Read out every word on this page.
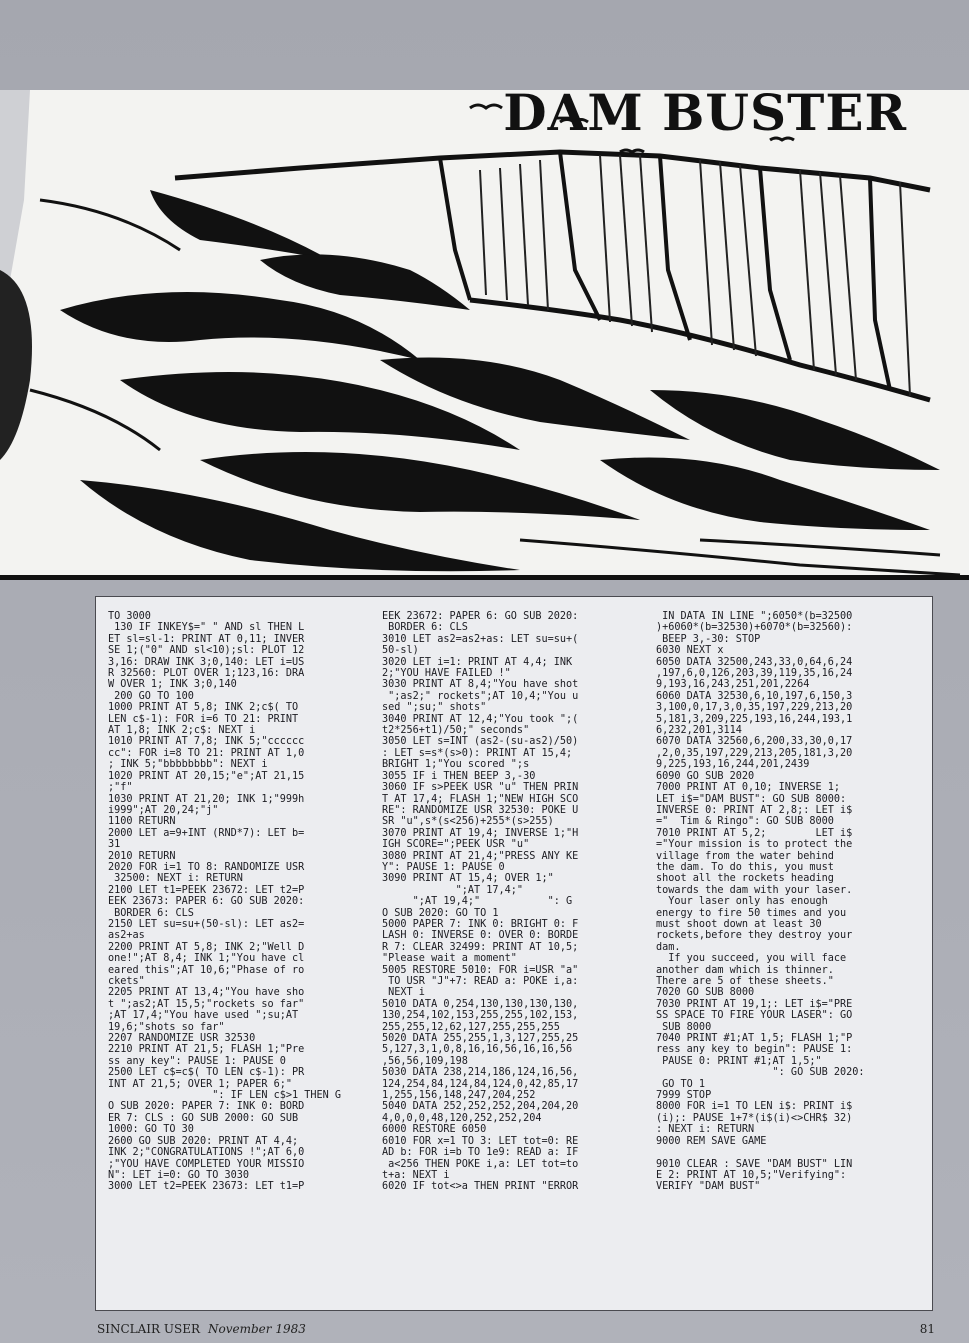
DAM BUSTER
TO 3000
130 IF INKEY$=" " AND sl THEN L
ET sl=sl-1: PRINT AT 0,11; INVER
SE 1;("0" AND sl<10);sl: PLOT 12
3,16: DRAW INK 3;0,140: LET i=US
R 32560: PLOT OVER 1;123,16: DRA
W OVER 1; INK 3;0,140
200 GO TO 100
1000 PRINT AT 5,8; INK 2;c$( TO
LEN c$-1): FOR i=6 TO 21: PRINT
AT 1,8; INK 2;c$: NEXT i
1010 PRINT AT 7,8; INK 5;"cccccc
cc": FOR i=8 TO 21: PRINT AT 1,0
; INK 5;"bbbbbbbb": NEXT i
1020 PRINT AT 20,15;"e";AT 21,15
;"f"
1030 PRINT AT 21,20; INK 1;"999h
i999";AT 20,24;"j"
1100 RETURN
2000 LET a=9+INT (RND*7): LET b=
31
2010 RETURN
2020 FOR i=1 TO 8: RANDOMIZE USR
32500: NEXT i: RETURN
2100 LET t1=PEEK 23672: LET t2=P
EEK 23673: PAPER 6: GO SUB 2020:
BORDER 6: CLS
2150 LET su=su+(50-sl): LET as2=
as2+as
2200 PRINT AT 5,8; INK 2;"Well D
one!";AT 8,4; INK 1;"You have cl
eared this";AT 10,6;"Phase of ro
ckets"
2205 PRINT AT 13,4;"You have sho
t ";as2;AT 15,5;"rockets so far"
;AT 17,4;"You have used ";su;AT
19,6;"shots so far"
2207 RANDOMIZE USR 32530
2210 PRINT AT 21,5; FLASH 1;"Pre
ss any key": PAUSE 1: PAUSE 0
2500 LET c$=c$( TO LEN c$-1): PR
INT AT 21,5; OVER 1; PAPER 6;"
": IF LEN c$>1 THEN G
O SUB 2020: PAPER 7: INK 0: BORD
ER 7: CLS : GO SUB 2000: GO SUB
1000: GO TO 30
2600 GO SUB 2020: PRINT AT 4,4;
INK 2;"CONGRATULATIONS !";AT 6,0
;"YOU HAVE COMPLETED YOUR MISSIO
N": LET i=0: GO TO 3030
3000 LET t2=PEEK 23673: LET t1=P
EEK 23672: PAPER 6: GO SUB 2020:
BORDER 6: CLS
3010 LET as2=as2+as: LET su=su+(
50-sl)
3020 LET i=1: PRINT AT 4,4; INK
2;"YOU HAVE FAILED !"
3030 PRINT AT 8,4;"You have shot
";as2;" rockets";AT 10,4;"You u
sed ";su;" shots"
3040 PRINT AT 12,4;"You took ";(
t2*256+t1)/50;" seconds"
3050 LET s=INT (as2-(su-as2)/50)
: LET s=s*(s>0): PRINT AT 15,4;
BRIGHT 1;"You scored ";s
3055 IF i THEN BEEP 3,-30
3060 IF s>PEEK USR "u" THEN PRIN
T AT 17,4; FLASH 1;"NEW HIGH SCO
RE": RANDOMIZE USR 32530: POKE U
SR "u",s*(s<256)+255*(s>255)
3070 PRINT AT 19,4; INVERSE 1;"H
IGH SCORE=";PEEK USR "u"
3080 PRINT AT 21,4;"PRESS ANY KE
Y": PAUSE 1: PAUSE 0
3090 PRINT AT 15,4; OVER 1;"
";AT 17,4;"
";AT 19,4;"           ": G
O SUB 2020: GO TO 1
5000 PAPER 7: INK 0: BRIGHT 0: F
LASH 0: INVERSE 0: OVER 0: BORDE
R 7: CLEAR 32499: PRINT AT 10,5;
"Please wait a moment"
5005 RESTORE 5010: FOR i=USR "a"
TO USR "J"+7: READ a: POKE i,a:
NEXT i
5010 DATA 0,254,130,130,130,130,
130,254,102,153,255,255,102,153,
255,255,12,62,127,255,255,255
5020 DATA 255,255,1,3,127,255,25
5,127,3,1,0,8,16,16,56,16,16,56
,56,56,109,198
5030 DATA 238,214,186,124,16,56,
124,254,84,124,84,124,0,42,85,17
1,255,156,148,247,204,252
5040 DATA 252,252,252,204,204,20
4,0,0,0,48,120,252,252,204
6000 RESTORE 6050
6010 FOR x=1 TO 3: LET tot=0: RE
AD b: FOR i=b TO 1e9: READ a: IF
a<256 THEN POKE i,a: LET tot=to
t+a: NEXT i
6020 IF tot<>a THEN PRINT "ERROR
IN DATA IN LINE ";6050*(b=32500
)+6060*(b=32530)+6070*(b=32560):
BEEP 3,-30: STOP
6030 NEXT x
6050 DATA 32500,243,33,0,64,6,24
,197,6,0,126,203,39,119,35,16,24
9,193,16,243,251,201,2264
6060 DATA 32530,6,10,197,6,150,3
3,100,0,17,3,0,35,197,229,213,20
5,181,3,209,225,193,16,244,193,1
6,232,201,3114
6070 DATA 32560,6,200,33,30,0,17
,2,0,35,197,229,213,205,181,3,20
9,225,193,16,244,201,2439
6090 GO SUB 2020
7000 PRINT AT 0,10; INVERSE 1;
LET i$="DAM BUST": GO SUB 8000:
INVERSE 0: PRINT AT 2,8;: LET i$
="  Tim & Ringo": GO SUB 8000
7010 PRINT AT 5,2;        LET i$
="Your mission is to protect the
village from the water behind
the dam. To do this, you must
shoot all the rockets heading
towards the dam with your laser.
Your laser only has enough
energy to fire 50 times and you
must shoot down at least 30
rockets,before they destroy your
dam.
If you succeed, you will face
another dam which is thinner.
There are 5 of these sheets."
7020 GO SUB 8000
7030 PRINT AT 19,1;: LET i$="PRE
SS SPACE TO FIRE YOUR LASER": GO
SUB 8000
7040 PRINT #1;AT 1,5; FLASH 1;"P
ress any key to begin": PAUSE 1:
PAUSE 0: PRINT #1;AT 1,5;"
": GO SUB 2020:
GO TO 1
7999 STOP
8000 FOR i=1 TO LEN i$: PRINT i$
(i);: PAUSE 1+7*(i$(i)<>CHR$ 32)
: NEXT i: RETURN
9000 REM SAVE GAME

9010 CLEAR : SAVE "DAM BUST" LIN
E 2: PRINT AT 10,5;"Verifying":
VERIFY "DAM BUST"
SINCLAIR USER November 1983	81
